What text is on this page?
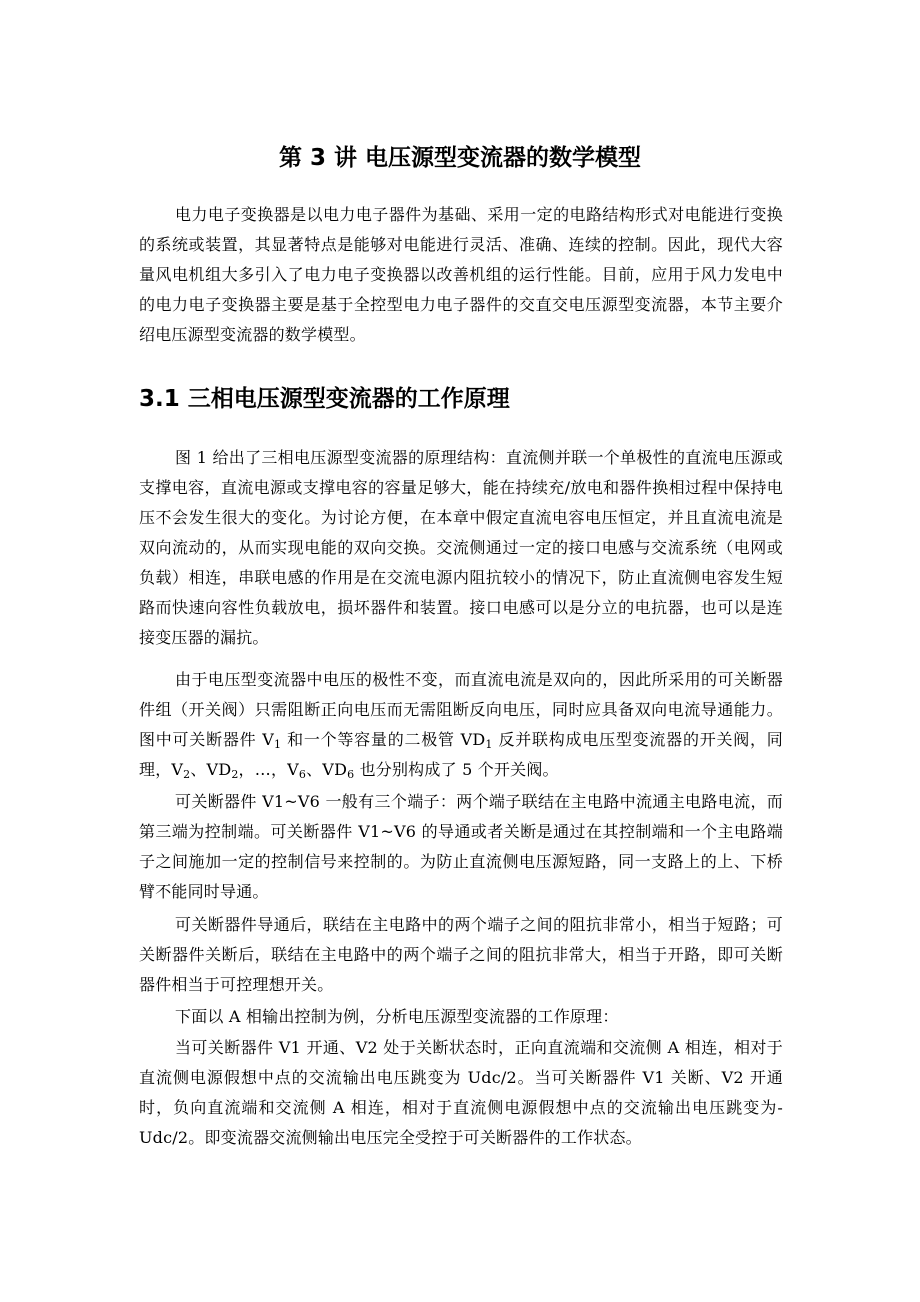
第 3 讲 电压源型变流器的数学模型

电力电子变换器是以电力电子器件为基础、采用一定的电路结构形式对电能进行变换的系统或装置，其显著特点是能够对电能进行灵活、准确、连续的控制。因此，现代大容量风电机组大多引入了电力电子变换器以改善机组的运行性能。目前，应用于风力发电中的电力电子变换器主要是基于全控型电力电子器件的交直交电压源型变流器，本节主要介绍电压源型变流器的数学模型。

3.1 三相电压源型变流器的工作原理

图 1 给出了三相电压源型变流器的原理结构：直流侧并联一个单极性的直流电压源或支撑电容，直流电源或支撑电容的容量足够大，能在持续充/放电和器件换相过程中保持电压不会发生很大的变化。为讨论方便，在本章中假定直流电容电压恒定，并且直流电流是双向流动的，从而实现电能的双向交换。交流侧通过一定的接口电感与交流系统（电网或负载）相连，串联电感的作用是在交流电源内阻抗较小的情况下，防止直流侧电容发生短路而快速向容性负载放电，损坏器件和装置。接口电感可以是分立的电抗器，也可以是连接变压器的漏抗。

由于电压型变流器中电压的极性不变，而直流电流是双向的，因此所采用的可关断器件组（开关阀）只需阻断正向电压而无需阻断反向电压，同时应具备双向电流导通能力。图中可关断器件 $V_1$ 和一个等容量的二极管 $VD_1$ 反并联构成电压型变流器的开关阀，同理，$V_2$、$VD_2$，…，$V_6$、$VD_6$ 也分别构成了 5 个开关阀。

可关断器件 V1~V6 一般有三个端子：两个端子联结在主电路中流通主电路电流，而第三端为控制端。可关断器件 V1~V6 的导通或者关断是通过在其控制端和一个主电路端子之间施加一定的控制信号来控制的。为防止直流侧电压源短路，同一支路上的上、下桥臂不能同时导通。

可关断器件导通后，联结在主电路中的两个端子之间的阻抗非常小，相当于短路；可关断器件关断后，联结在主电路中的两个端子之间的阻抗非常大，相当于开路，即可关断器件相当于可控理想开关。

下面以 A 相输出控制为例，分析电压源型变流器的工作原理：

当可关断器件 V1 开通、V2 处于关断状态时，正向直流端和交流侧 A 相连，相对于直流侧电源假想中点的交流输出电压跳变为 Udc/2。当可关断器件 V1 关断、V2 开通时，负向直流端和交流侧 A 相连，相对于直流侧电源假想中点的交流输出电压跳变为-Udc/2。即变流器交流侧输出电压完全受控于可关断器件的工作状态。
